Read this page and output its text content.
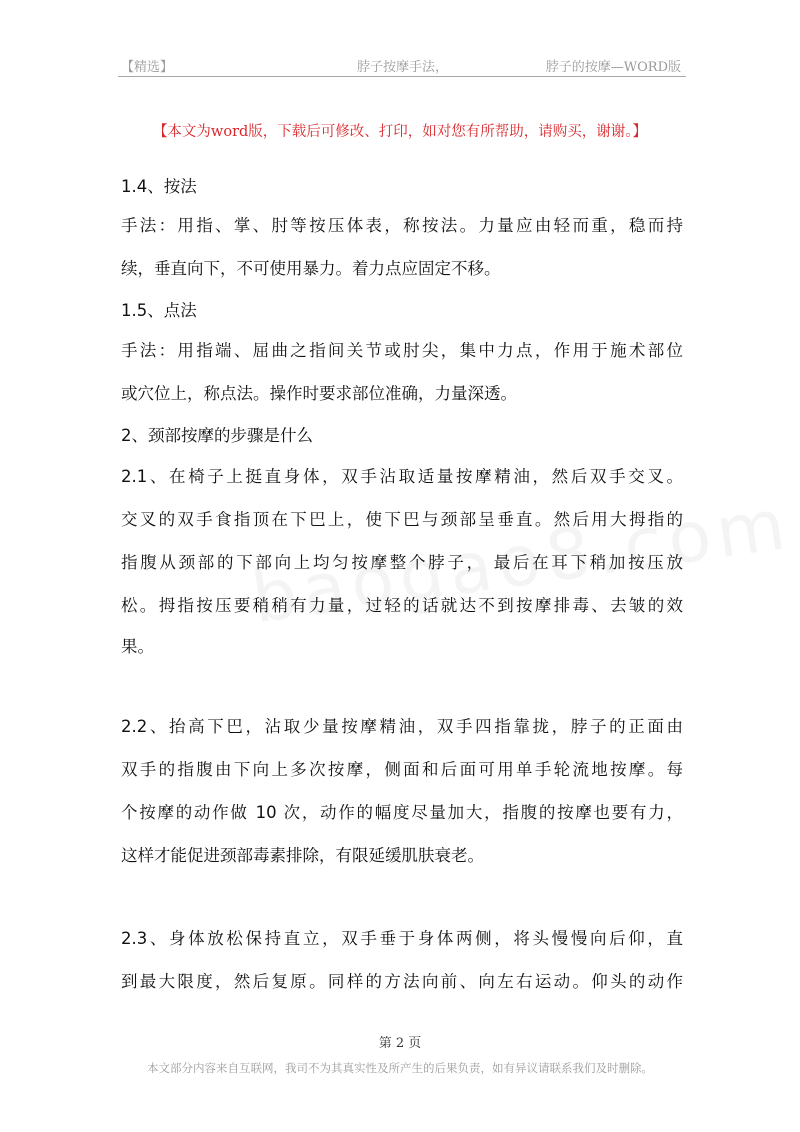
【精选】	脖子按摩手法，	脖子的按摩—WORD版
【本文为word版，下载后可修改、打印，如对您有所帮助，请购买，谢谢。】
1.4、按法
手法：用指、掌、肘等按压体表，称按法。力量应由轻而重，稳而持
续，垂直向下，不可使用暴力。着力点应固定不移。
1.5、点法
手法：用指端、屈曲之指间关节或肘尖，集中力点，作用于施术部位
或穴位上，称点法。操作时要求部位准确，力量深透。
2、颈部按摩的步骤是什么
2.1、在椅子上挺直身体，双手沾取适量按摩精油，然后双手交叉。
交叉的双手食指顶在下巴上，使下巴与颈部呈垂直。然后用大拇指的
指腹从颈部的下部向上均匀按摩整个脖子， 最后在耳下稍加按压放
松。拇指按压要稍稍有力量，过轻的话就达不到按摩排毒、去皱的效
果。
2.2、抬高下巴，沾取少量按摩精油，双手四指靠拢，脖子的正面由
双手的指腹由下向上多次按摩，侧面和后面可用单手轮流地按摩。每
个按摩的动作做 10 次，动作的幅度尽量加大，指腹的按摩也要有力，
这样才能促进颈部毒素排除，有限延缓肌肤衰老。
2.3、身体放松保持直立，双手垂于身体两侧，将头慢慢向后仰，直
到最大限度，然后复原。同样的方法向前、向左右运动。仰头的动作
第 2 页
本文部分内容来自互联网，我司不为其真实性及所产生的后果负责，如有异议请联系我们及时删除。
